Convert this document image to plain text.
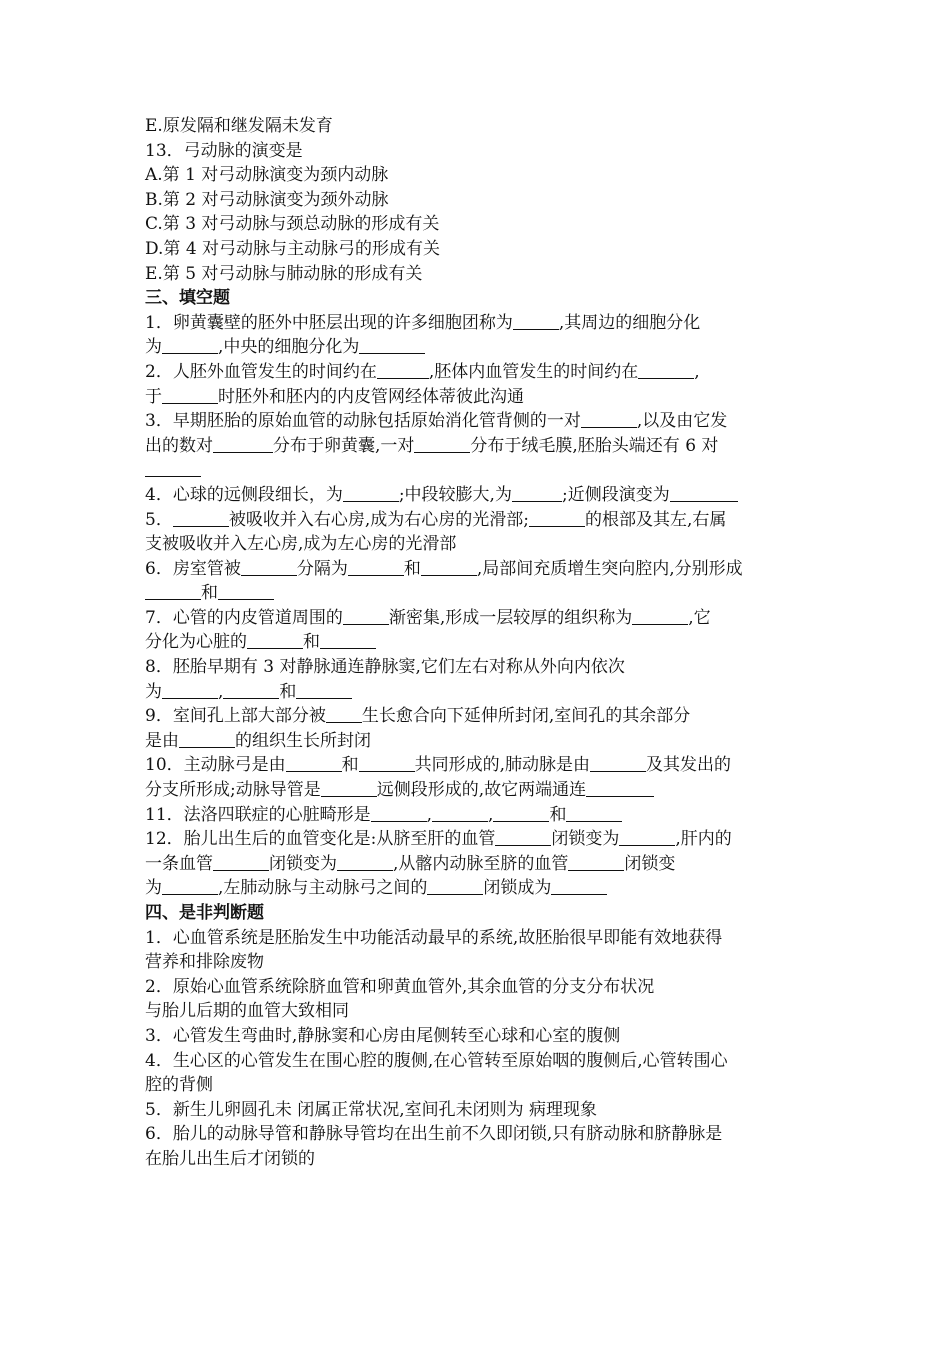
E.原发隔和继发隔未发育
13．弓动脉的演变是
A.第 1 对弓动脉演变为颈内动脉
B.第 2 对弓动脉演变为颈外动脉
C.第 3 对弓动脉与颈总动脉的形成有关
D.第 4 对弓动脉与主动脉弓的形成有关
E.第 5 对弓动脉与肺动脉的形成有关
三、填空题
1．卵黄囊壁的胚外中胚层出现的许多细胞团称为	,其周边的细胞分化
为	,中央的细胞分化为
2．人胚外血管发生的时间约在	,胚体内血管发生的时间约在	,
于	时胚外和胚内的内皮管网经体蒂彼此沟通
3．早期胚胎的原始血管的动脉包括原始消化管背侧的一对	,以及由它发
出的数对	分布于卵黄囊,一对	分布于绒毛膜,胚胎头端还有 6 对
4．心球的远侧段细长，为	;中段较膨大,为	;近侧段演变为
5．	被吸收并入右心房,成为右心房的光滑部;	的根部及其左,右属
支被吸收并入左心房,成为左心房的光滑部
6．房室管被	分隔为	和	,局部间充质增生突向腔内,分别形成
和
7．心管的内皮管道周围的	渐密集,形成一层较厚的组织称为	,它
分化为心脏的	和
8．胚胎早期有 3 对静脉通连静脉窦,它们左右对称从外向内依次
为	,	和
9．室间孔上部大部分被 生长愈合向下延伸所封闭,室间孔的其余部分
是由	的组织生长所封闭
10．主动脉弓是由	和	共同形成的,肺动脉是由	及其发出的
分支所形成;动脉导管是	远侧段形成的,故它两端通连
11．法洛四联症的心脏畸形是	,	,	和
12．胎儿出生后的血管变化是:从脐至肝的血管	闭锁变为	,肝内的
一条血管	闭锁变为	,从髂内动脉至脐的血管	闭锁变
为	,左肺动脉与主动脉弓之间的	闭锁成为
四、是非判断题
1．心血管系统是胚胎发生中功能活动最早的系统,故胚胎很早即能有效地获得
营养和排除废物
2．原始心血管系统除脐血管和卵黄血管外,其余血管的分支分布状况
与胎儿后期的血管大致相同
3．心管发生弯曲时,静脉窦和心房由尾侧转至心球和心室的腹侧
4．生心区的心管发生在围心腔的腹侧,在心管转至原始咽的腹侧后,心管转围心
腔的背侧
5．新生儿卵圆孔未 闭属正常状况,室间孔未闭则为 病理现象
6．胎儿的动脉导管和静脉导管均在出生前不久即闭锁,只有脐动脉和脐静脉是
在胎儿出生后才闭锁的
